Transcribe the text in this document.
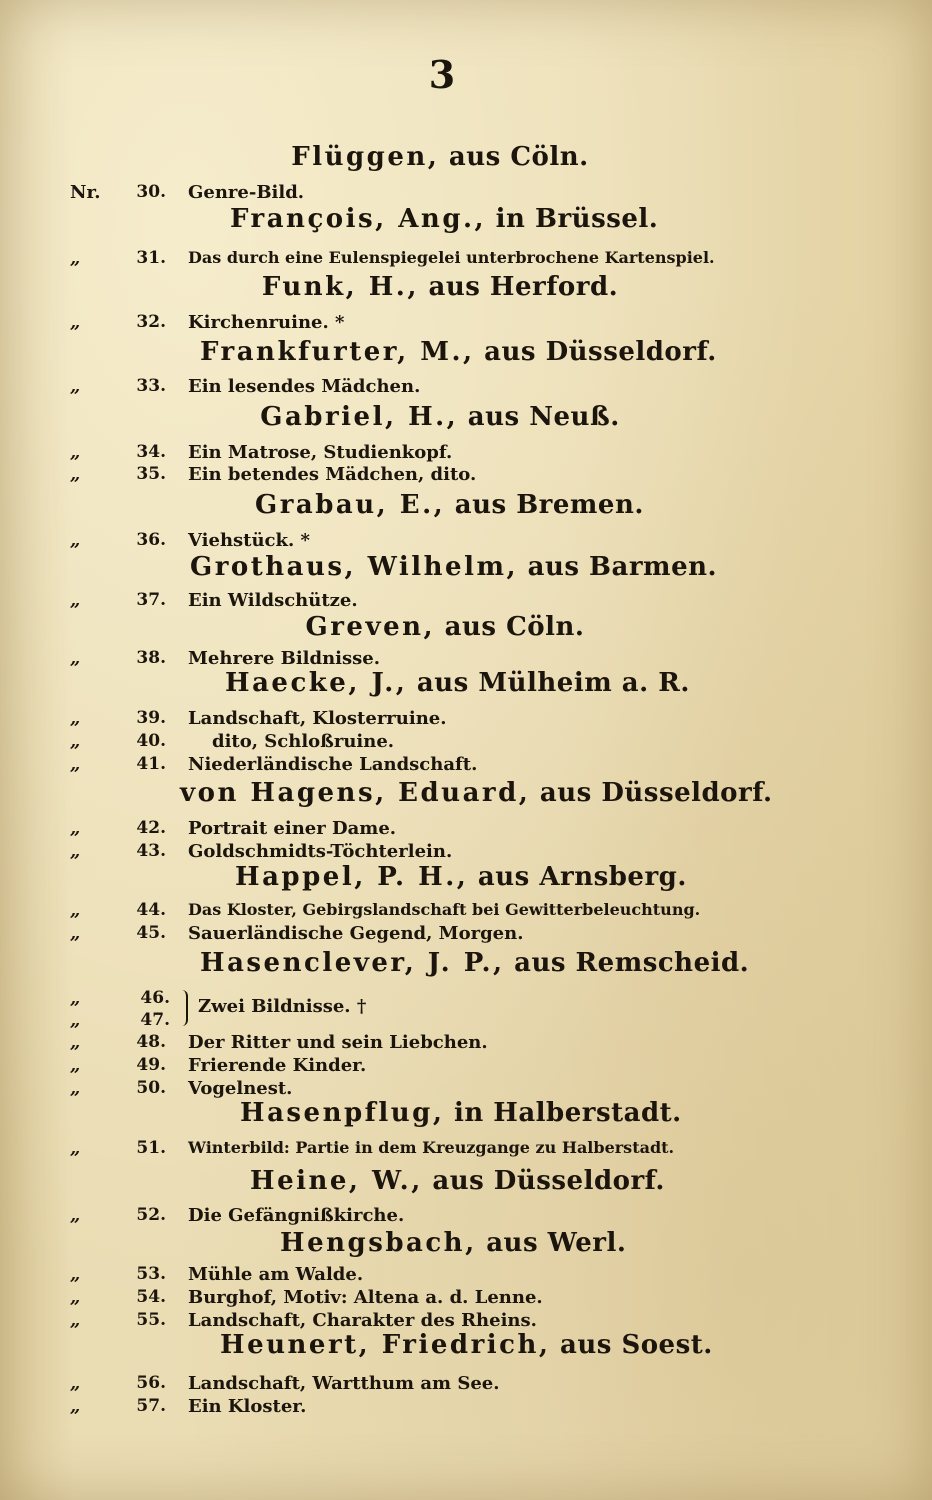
3
Flüggen, aus Cöln.
François, Ang., in Brüssel.
Funk, H., aus Herford.
Frankfurter, M., aus Düsseldorf.
Gabriel, H., aus Neuß.
Grabau, E., aus Bremen.
Grothaus, Wilhelm, aus Barmen.
Greven, aus Cöln.
Haecke, J., aus Mülheim a. R.
von Hagens, Eduard, aus Düsseldorf.
Happel, P. H., aus Arnsberg.
Hasenclever, J. P., aus Remscheid.
Hasenpflug, in Halberstadt.
Heine, W., aus Düsseldorf.
Hengsbach, aus Werl.
Heunert, Friedrich, aus Soest.
Nr.	30. Genre-Bild.
„	31. Das durch eine Eulenspiegelei unterbrochene Kartenspiel.
„	32. Kirchenruine. *
„	33. Ein lesendes Mädchen.
„	34. Ein Matrose, Studienkopf.
„	35. Ein betendes Mädchen, dito.
„	36. Viehstück. *
„	37. Ein Wildschütze.
„	38. Mehrere Bildnisse.
„	39. Landschaft, Klosterruine.
„	40.	dito, Schloßruine.
„	41. Niederländische Landschaft.
„	42. Portrait einer Dame.
„	43. Goldschmidts-Töchterlein.
„	44. Das Kloster, Gebirgslandschaft bei Gewitterbeleuchtung.
„	45. Sauerländische Gegend, Morgen.
„	46. Zwei Bildnisse. †
„	47.
„	48. Der Ritter und sein Liebchen.
„	49. Frierende Kinder.
„	50. Vogelnest.
„	51. Winterbild: Partie in dem Kreuzgange zu Halberstadt.
„	52. Die Gefängnißkirche.
„	53. Mühle am Walde.
„	54. Burghof, Motiv: Altena a. d. Lenne.
„	55. Landschaft, Charakter des Rheins.
„	56. Landschaft, Wartthum am See.
„	57. Ein Kloster.
